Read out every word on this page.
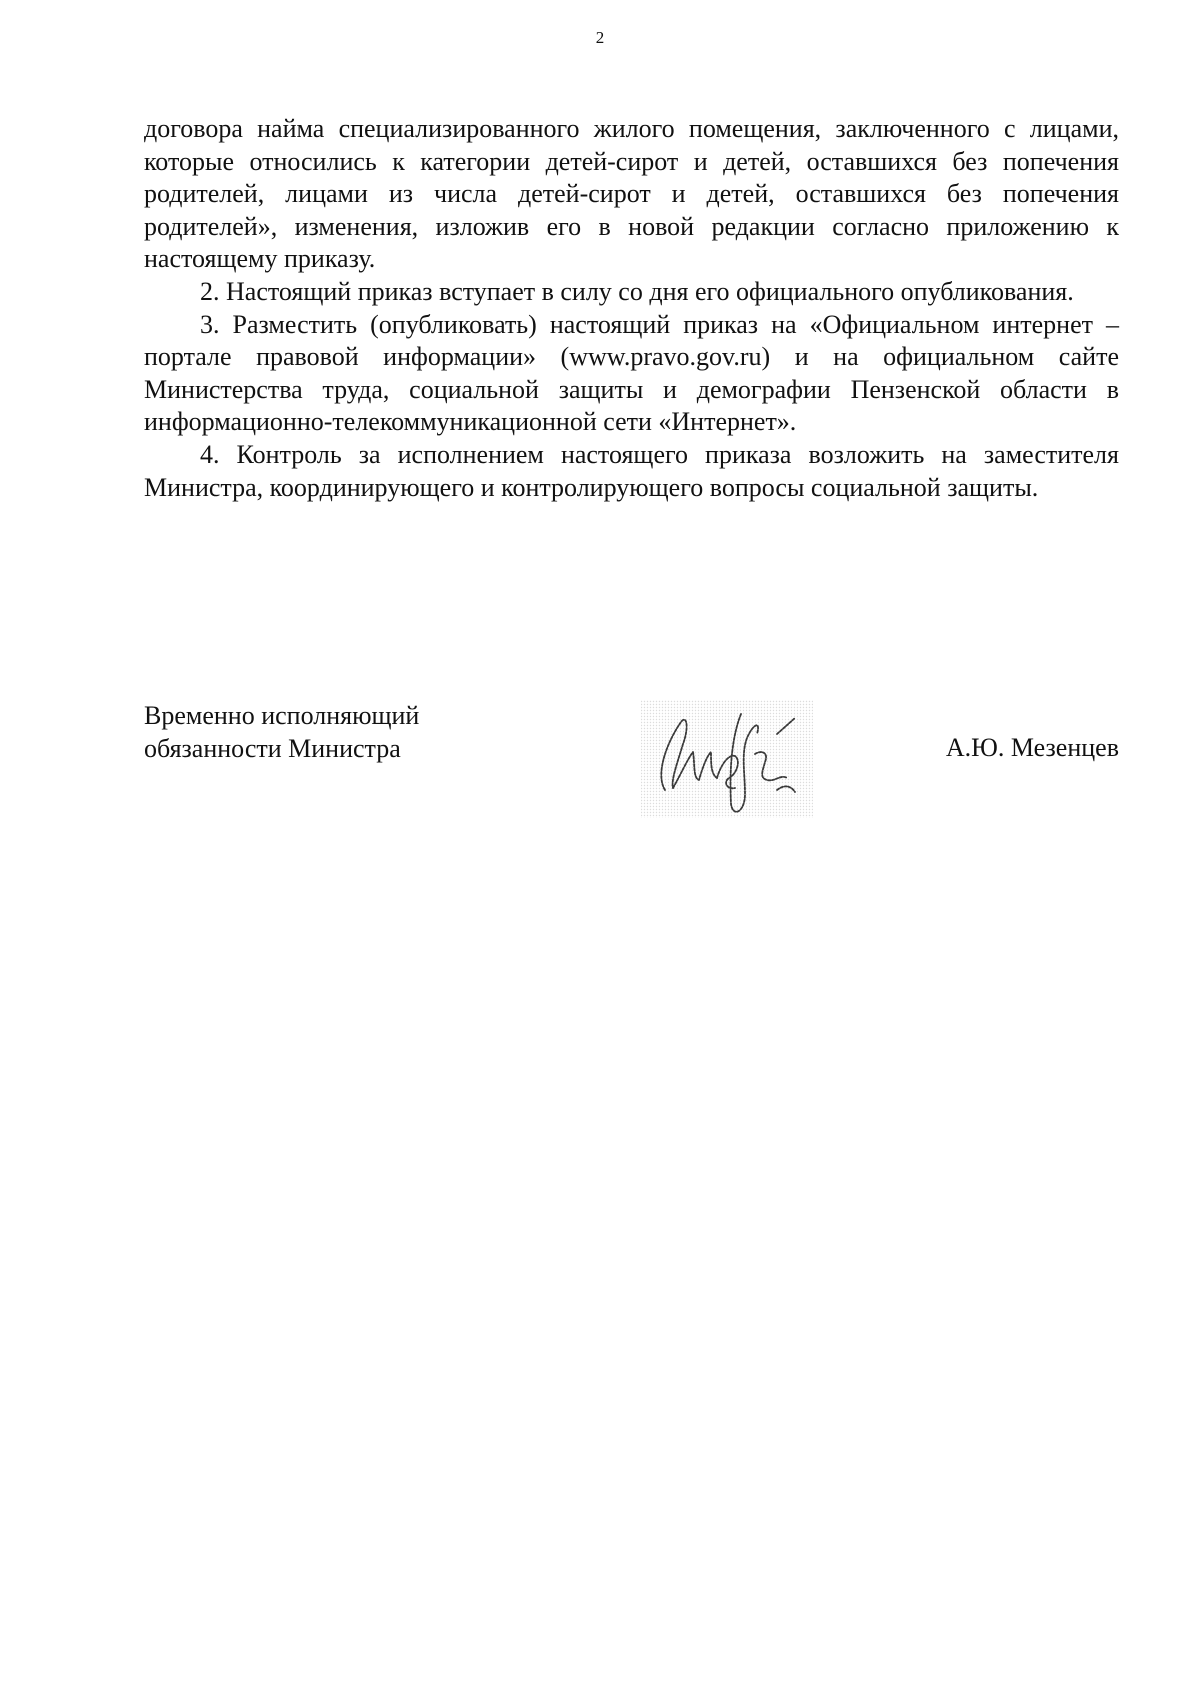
2

договора найма специализированного жилого помещения, заключенного с лицами, которые относились к категории детей-сирот и детей, оставшихся без попечения родителей, лицами из числа детей-сирот и детей, оставшихся без попечения родителей», изменения, изложив его в новой редакции согласно приложению к настоящему приказу.

2. Настоящий приказ вступает в силу со дня его официального опубликования.

3. Разместить (опубликовать) настоящий приказ на «Официальном интернет – портале правовой информации» (www.pravo.gov.ru) и на официальном сайте Министерства труда, социальной защиты и демографии Пензенской области в информационно-телекоммуникационной сети «Интернет».

4. Контроль за исполнением настоящего приказа возложить на заместителя Министра, координирующего и контролирующего вопросы социальной защиты.

Временно исполняющий
обязанности Министра	А.Ю. Мезенцев
